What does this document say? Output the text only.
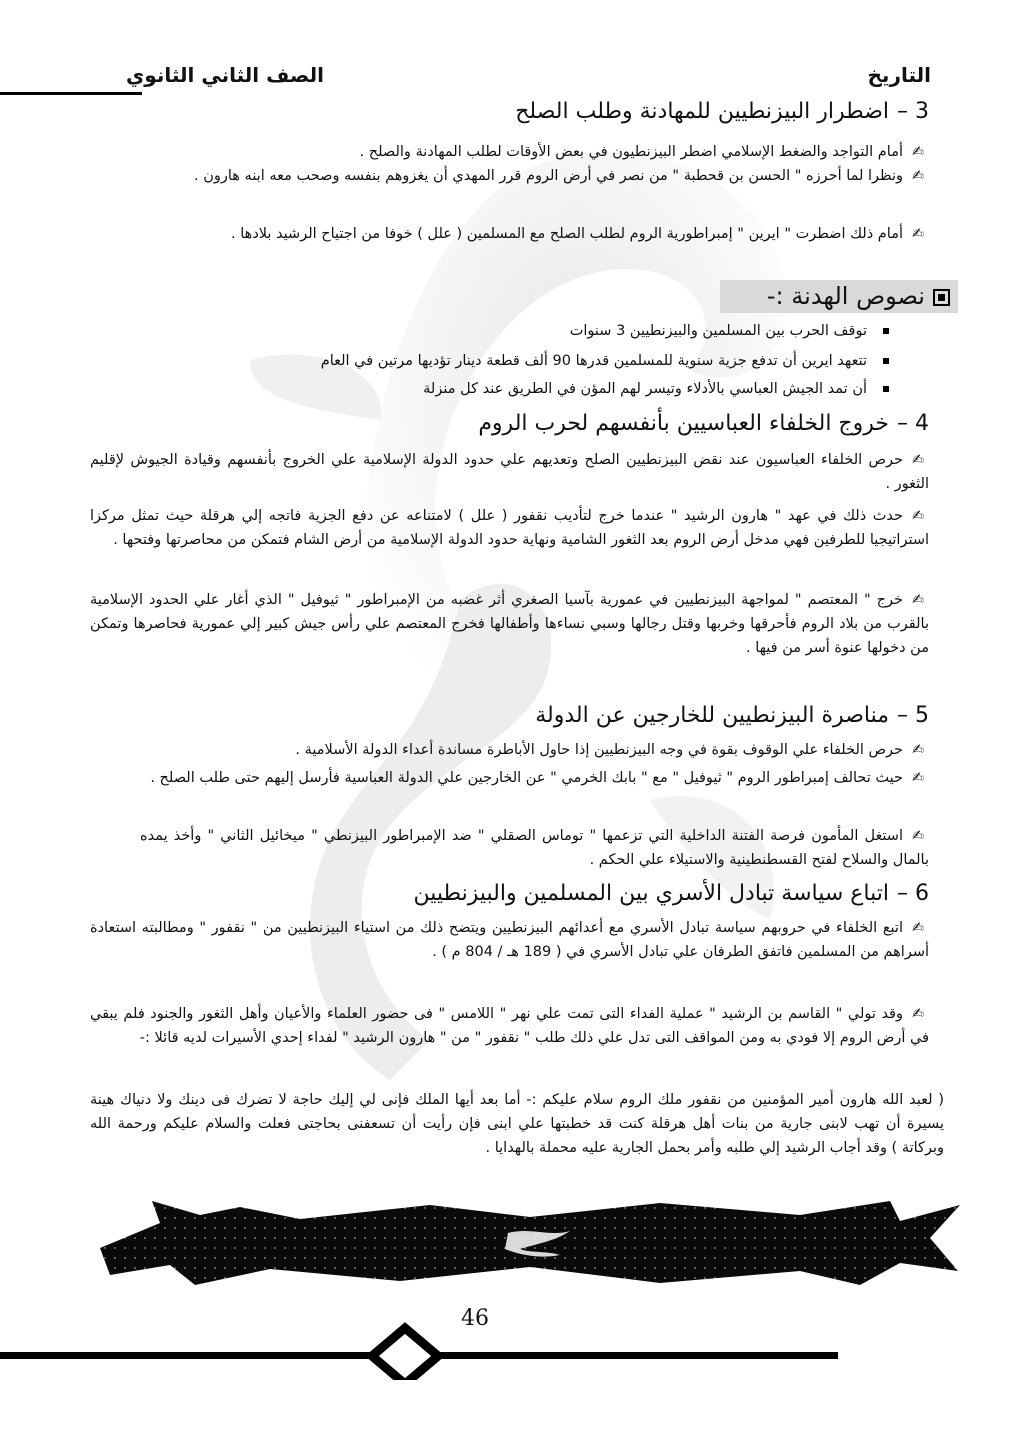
التاريخ
الصف الثاني الثانوي
3 –اضطرار البيزنطيين للمهادنة وطلب الصلح
✍أمام التواجد والضغط الإسلامي اضطر البيزنطيون في بعض الأوقات لطلب المهادنة والصلح .
✍ونظرا لما أحرزه " الحسن بن قحطبة " من نصر في أرض الروم قرر المهدي أن يغزوهم بنفسه وصحب معه ابنه هارون .
✍أمام ذلك اضطرت " ايرين " إمبراطورية الروم لطلب الصلح مع المسلمين ( علل ) خوفا من اجتياح الرشيد بلادها .
نصوص الهدنة :-
توقف الحرب بين المسلمين والبيزنطيين 3 سنوات
تتعهد ايرين أن تدفع جزية سنوية للمسلمين قدرها 90 ألف قطعة دينار تؤديها مرتين في العام
أن تمد الجيش العباسي بالأدلاء وتيسر لهم المؤن في الطريق عند كل منزلة
4 –خروج الخلفاء العباسيين بأنفسهم لحرب الروم
✍حرص الخلفاء العباسيون عند نقض البيزنطيين الصلح وتعديهم علي حدود الدولة الإسلامية علي الخروج بأنفسهم وقيادة الجيوش لإقليم الثغور .
✍حدث ذلك في عهد " هارون الرشيد " عندما خرج لتأديب نقفور ( علل ) لامتناعه عن دفع الجزية فاتجه إلي هرقلة حيث تمثل مركزا استراتيجيا للطرفين فهي مدخل أرض الروم بعد الثغور الشامية ونهاية حدود الدولة الإسلامية من أرض الشام فتمكن من محاصرتها وفتحها .
✍خرج " المعتصم " لمواجهة البيزنطيين في عمورية بآسيا الصغري أثر غضبه من الإمبراطور " ثيوفيل " الذي أغار علي الحدود الإسلامية بالقرب من بلاد الروم فأحرقها وخربها وقتل رجالها وسبي نساءها وأطفالها فخرج المعتصم علي رأس جيش كبير إلي عمورية فحاصرها وتمكن من دخولها عنوة أسر من فيها .
5 –مناصرة البيزنطيين للخارجين عن الدولة
✍حرص الخلفاء علي الوقوف بقوة في وجه البيزنطيين إذا حاول الأباطرة مساندة أعداء الدولة الأسلامية .
✍حيث تحالف إمبراطور الروم " ثيوفيل " مع " بابك الخرمي " عن الخارجين علي الدولة العباسية فأرسل إليهم حتى طلب الصلح .
✍استغل المأمون فرصة الفتنة الداخلية التي تزعمها " توماس الصقلي " ضد الإمبراطور البيزنطي " ميخائيل الثاني " وأخذ يمده بالمال والسلاح لفتح القسطنطينية والاستيلاء علي الحكم .
6 –اتباع سياسة تبادل الأسري بين المسلمين والبيزنطيين
✍اتبع الخلفاء في حروبهم سياسة تبادل الأسري مع أعدائهم البيزنطيين ويتضح ذلك من استياء البيزنطيين من " نقفور " ومطالبته استعادة أسراهم من المسلمين فاتفق الطرفان علي تبادل الأسري في ( 189 هـ / 804 م ) .
✍وقد تولي " القاسم بن الرشيد " عملية الفداء التى تمت علي نهر " اللامس " فى حضور العلماء والأعيان وأهل الثغور والجنود فلم يبقي في أرض الروم إلا فودي به ومن المواقف التى تدل علي ذلك طلب " نقفور " من " هارون الرشيد " لفداء إحدي الأسيرات لديه قائلا :-
( لعبد الله هارون أمير المؤمنين من نقفور ملك الروم سلام عليكم :- أما بعد أيها الملك فإنى لي إليك حاجة لا تضرك فى دينك ولا دنياك هينة يسيرة أن تهب لابنى جارية من بنات أهل هرقلة كنت قد خطبتها علي ابنى فإن رأيت أن تسعفنى بحاجتى فعلت والسلام عليكم ورحمة الله وبركاتة ) وقد أجاب الرشيد إلي طلبه وأمر بحمل الجارية عليه محملة بالهدايا .
46
